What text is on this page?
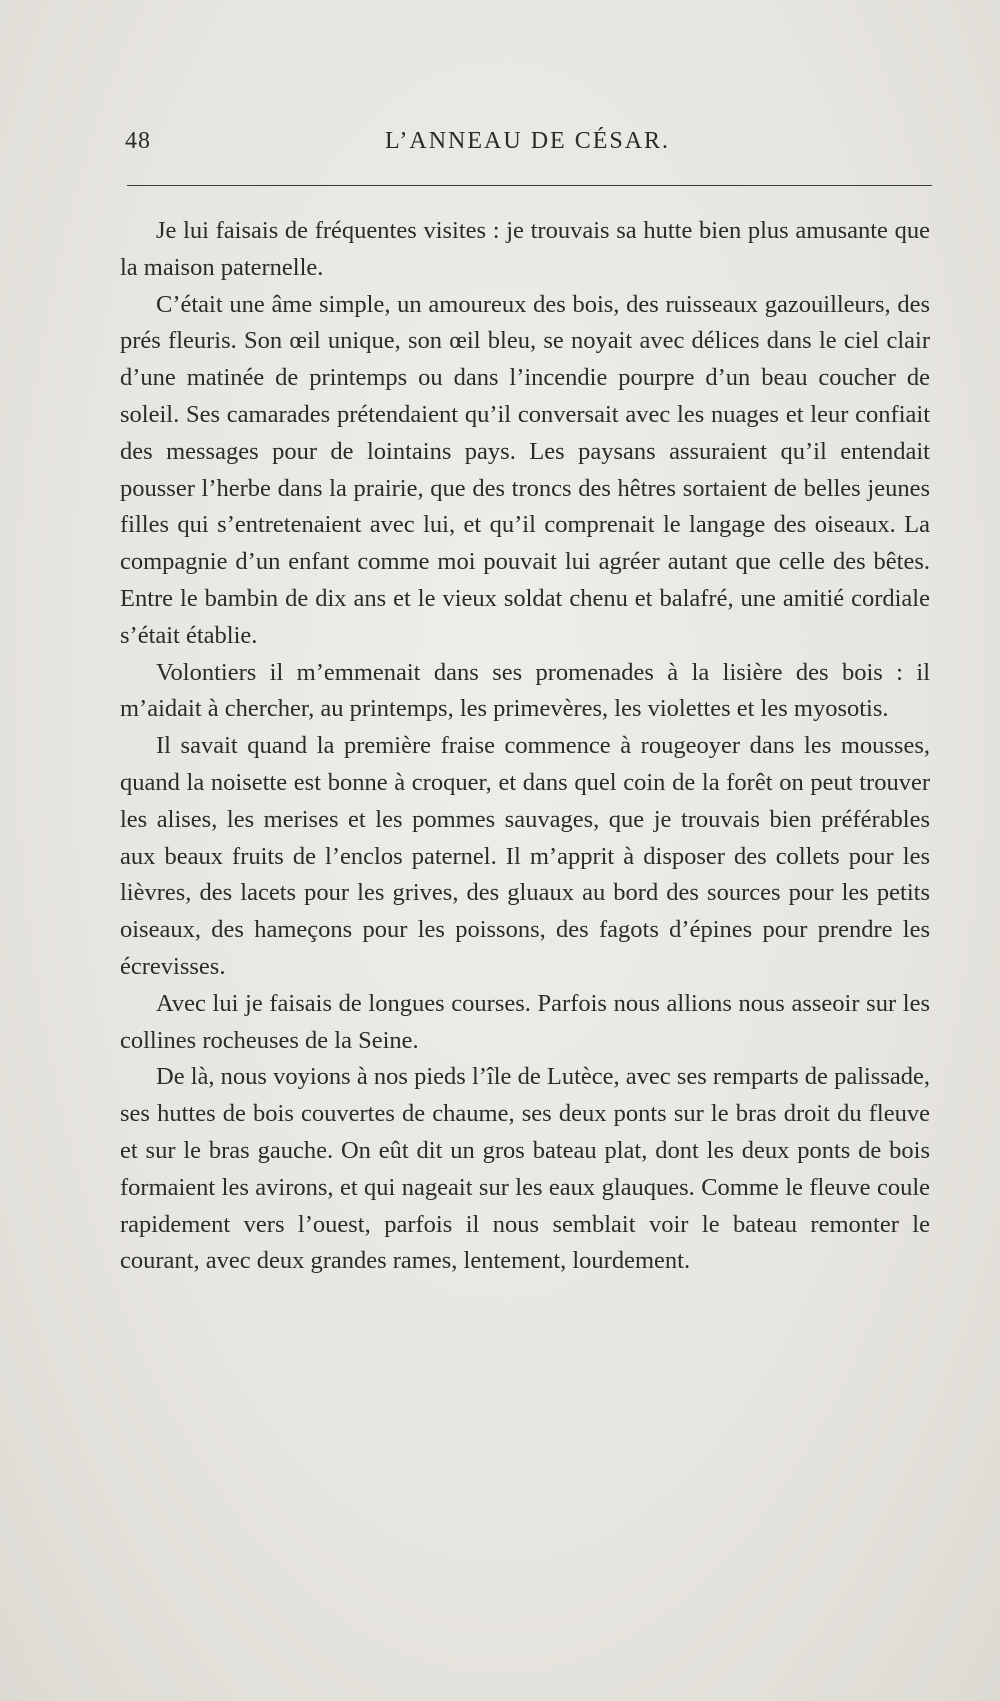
48	L’ANNEAU DE CÉSAR.

Je lui faisais de fréquentes visites : je trouvais sa hutte bien plus amusante que la maison paternelle.

C’était une âme simple, un amoureux des bois, des ruisseaux gazouilleurs, des prés fleuris. Son œil unique, son œil bleu, se noyait avec délices dans le ciel clair d’une matinée de printemps ou dans l’incendie pourpre d’un beau coucher de soleil. Ses camarades prétendaient qu’il conversait avec les nuages et leur confiait des messages pour de lointains pays. Les paysans assuraient qu’il entendait pousser l’herbe dans la prairie, que des troncs des hêtres sortaient de belles jeunes filles qui s’entretenaient avec lui, et qu’il comprenait le langage des oiseaux. La compagnie d’un enfant comme moi pouvait lui agréer autant que celle des bêtes. Entre le bambin de dix ans et le vieux soldat chenu et balafré, une amitié cordiale s’était établie.

Volontiers il m’emmenait dans ses promenades à la lisière des bois : il m’aidait à chercher, au printemps, les primevères, les violettes et les myosotis.

Il savait quand la première fraise commence à rougeoyer dans les mousses, quand la noisette est bonne à croquer, et dans quel coin de la forêt on peut trouver les alises, les merises et les pommes sauvages, que je trouvais bien préférables aux beaux fruits de l’enclos paternel. Il m’apprit à disposer des collets pour les lièvres, des lacets pour les grives, des gluaux au bord des sources pour les petits oiseaux, des hameçons pour les poissons, des fagots d’épines pour prendre les écrevisses.

Avec lui je faisais de longues courses. Parfois nous allions nous asseoir sur les collines rocheuses de la Seine.

De là, nous voyions à nos pieds l’île de Lutèce, avec ses remparts de palissade, ses huttes de bois couvertes de chaume, ses deux ponts sur le bras droit du fleuve et sur le bras gauche. On eût dit un gros bateau plat, dont les deux ponts de bois formaient les avirons, et qui nageait sur les eaux glauques. Comme le fleuve coule rapidement vers l’ouest, parfois il nous semblait voir le bateau remonter le courant, avec deux grandes rames, lentement, lourdement.
